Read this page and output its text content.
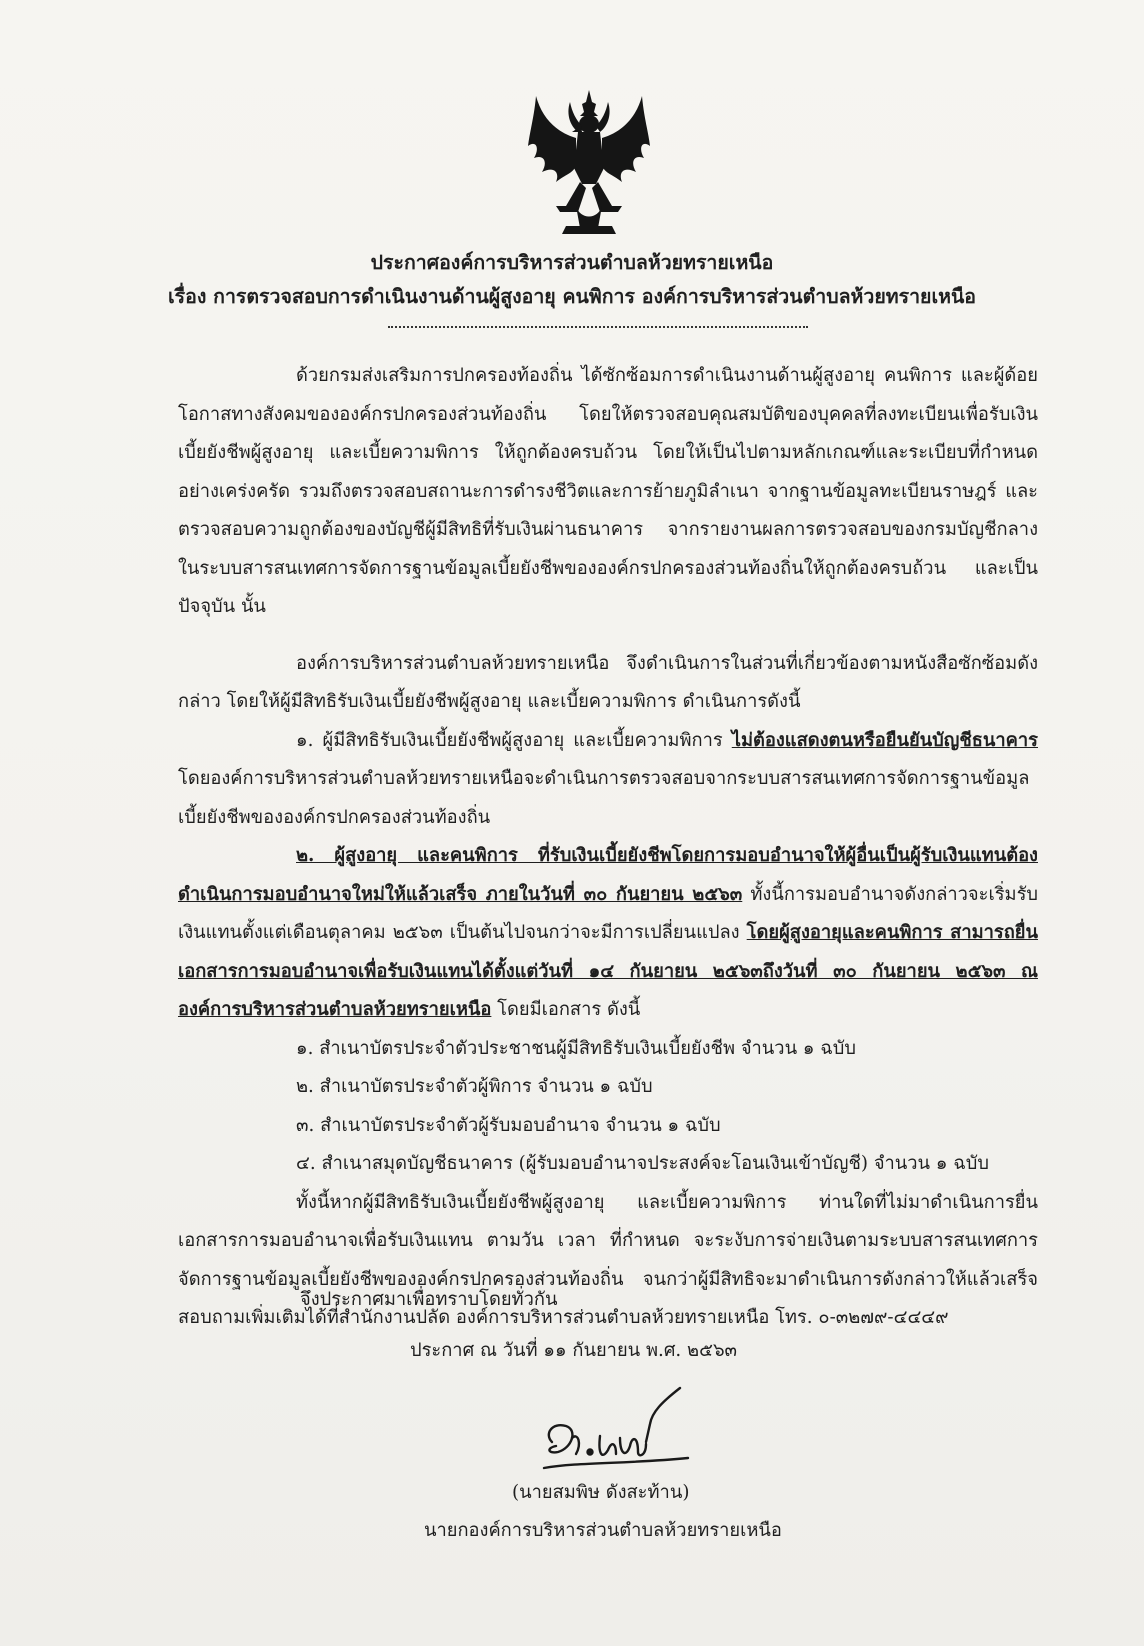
ประกาศองค์การบริหารส่วนตำบลห้วยทรายเหนือ
เรื่อง การตรวจสอบการดำเนินงานด้านผู้สูงอายุ คนพิการ องค์การบริหารส่วนตำบลห้วยทรายเหนือ

ด้วยกรมส่งเสริมการปกครองท้องถิ่น ได้ซักซ้อมการดำเนินงานด้านผู้สูงอายุ คนพิการ และผู้ด้อยโอกาสทางสังคมขององค์กรปกครองส่วนท้องถิ่น โดยให้ตรวจสอบคุณสมบัติของบุคคลที่ลงทะเบียนเพื่อรับเงินเบี้ยยังชีพผู้สูงอายุ และเบี้ยความพิการ ให้ถูกต้องครบถ้วน โดยให้เป็นไปตามหลักเกณฑ์และระเบียบที่กำหนดอย่างเคร่งครัด รวมถึงตรวจสอบสถานะการดำรงชีวิตและการย้ายภูมิลำเนา จากฐานข้อมูลทะเบียนราษฎร์ และตรวจสอบความถูกต้องของบัญชีผู้มีสิทธิที่รับเงินผ่านธนาคาร จากรายงานผลการตรวจสอบของกรมบัญชีกลาง ในระบบสารสนเทศการจัดการฐานข้อมูลเบี้ยยังชีพขององค์กรปกครองส่วนท้องถิ่นให้ถูกต้องครบถ้วน และเป็นปัจจุบัน นั้น

องค์การบริหารส่วนตำบลห้วยทรายเหนือ จึงดำเนินการในส่วนที่เกี่ยวข้องตามหนังสือซักซ้อมดังกล่าว โดยให้ผู้มีสิทธิรับเงินเบี้ยยังชีพผู้สูงอายุ และเบี้ยความพิการ ดำเนินการดังนี้

๑. ผู้มีสิทธิรับเงินเบี้ยยังชีพผู้สูงอายุ และเบี้ยความพิการ ไม่ต้องแสดงตนหรือยืนยันบัญชีธนาคาร โดยองค์การบริหารส่วนตำบลห้วยทรายเหนือจะดำเนินการตรวจสอบจากระบบสารสนเทศการจัดการฐานข้อมูลเบี้ยยังชีพขององค์กรปกครองส่วนท้องถิ่น

๒. ผู้สูงอายุ และคนพิการ ที่รับเงินเบี้ยยังชีพโดยการมอบอำนาจให้ผู้อื่นเป็นผู้รับเงินแทนต้องดำเนินการมอบอำนาจใหม่ให้แล้วเสร็จ ภายในวันที่ ๓๐ กันยายน ๒๕๖๓ ทั้งนี้การมอบอำนาจดังกล่าวจะเริ่มรับเงินแทนตั้งแต่เดือนตุลาคม ๒๕๖๓ เป็นต้นไปจนกว่าจะมีการเปลี่ยนแปลง โดยผู้สูงอายุและคนพิการ สามารถยื่นเอกสารการมอบอำนาจเพื่อรับเงินแทนได้ตั้งแต่วันที่ ๑๔ กันยายน ๒๕๖๓ถึงวันที่ ๓๐ กันยายน ๒๕๖๓ ณ องค์การบริหารส่วนตำบลห้วยทรายเหนือ โดยมีเอกสาร ดังนี้

๑. สำเนาบัตรประจำตัวประชาชนผู้มีสิทธิรับเงินเบี้ยยังชีพ จำนวน ๑ ฉบับ

๒. สำเนาบัตรประจำตัวผู้พิการ จำนวน ๑ ฉบับ

๓. สำเนาบัตรประจำตัวผู้รับมอบอำนาจ จำนวน ๑ ฉบับ

๔. สำเนาสมุดบัญชีธนาคาร (ผู้รับมอบอำนาจประสงค์จะโอนเงินเข้าบัญชี) จำนวน ๑ ฉบับ

ทั้งนี้หากผู้มีสิทธิรับเงินเบี้ยยังชีพผู้สูงอายุ และเบี้ยความพิการ ท่านใดที่ไม่มาดำเนินการยื่นเอกสารการมอบอำนาจเพื่อรับเงินแทน ตามวัน เวลา ที่กำหนด จะระงับการจ่ายเงินตามระบบสารสนเทศการจัดการฐานข้อมูลเบี้ยยังชีพขององค์กรปกครองส่วนท้องถิ่น จนกว่าผู้มีสิทธิจะมาดำเนินการดังกล่าวให้แล้วเสร็จ สอบถามเพิ่มเติมได้ที่สำนักงานปลัด องค์การบริหารส่วนตำบลห้วยทรายเหนือ โทร. ๐-๓๒๗๙-๔๔๔๙

จึงประกาศมาเพื่อทราบโดยทั่วกัน
ประกาศ ณ วันที่ ๑๑ กันยายน พ.ศ. ๒๕๖๓
(นายสมพิษ ดังสะท้าน)
นายกองค์การบริหารส่วนตำบลห้วยทรายเหนือ
